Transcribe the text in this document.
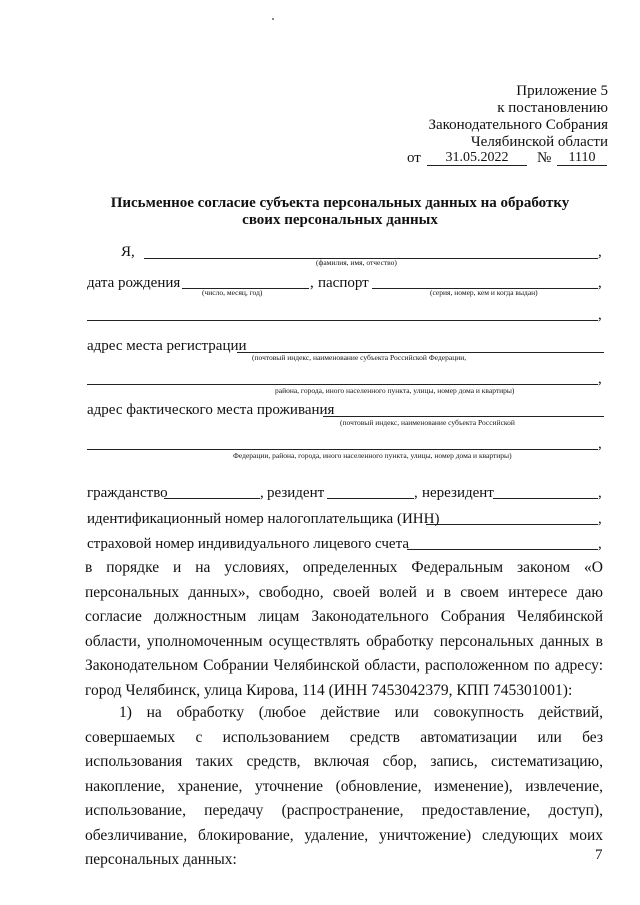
Приложение 5
к постановлению
Законодательного Собрания
Челябинской области
от	31.05.2022	№	1110
Письменное согласие субъекта персональных данных на обработку
своих персональных данных
Я,	,
(фамилия, имя, отчество)
дата рождения	,
(число, месяц, год)
паспорт	,
(серия, номер, кем и когда выдан)
,
адрес места регистрации
(почтовый индекс, наименование субъекта Российской Федерации,
,
района, города, иного населенного пункта, улицы, номер дома и квартиры)
адрес фактического места проживания
(почтовый индекс, наименование субъекта Российской
,
Федерации, района, города, иного населенного пункта, улицы, номер дома и квартиры)
гражданство	, резидент	, нерезидент	,
идентификационный номер налогоплательщика (ИНН)	,
страховой номер индивидуального лицевого счета	,
в порядке и на условиях, определенных Федеральным законом «О персональных данных», свободно, своей волей и в своем интересе даю согласие должностным лицам Законодательного Собрания Челябинской области, уполномоченным осуществлять обработку персональных данных в Законодательном Собрании Челябинской области, расположенном по адресу: город Челябинск, улица Кирова, 114 (ИНН 7453042379, КПП 745301001):
1) на обработку (любое действие или совокупность действий, совершаемых с использованием средств автоматизации или без использования таких средств, включая сбор, запись, систематизацию, накопление, хранение, уточнение (обновление, изменение), извлечение, использование, передачу (распространение, предоставление, доступ), обезличивание, блокирование, удаление, уничтожение) следующих моих персональных данных:	7
